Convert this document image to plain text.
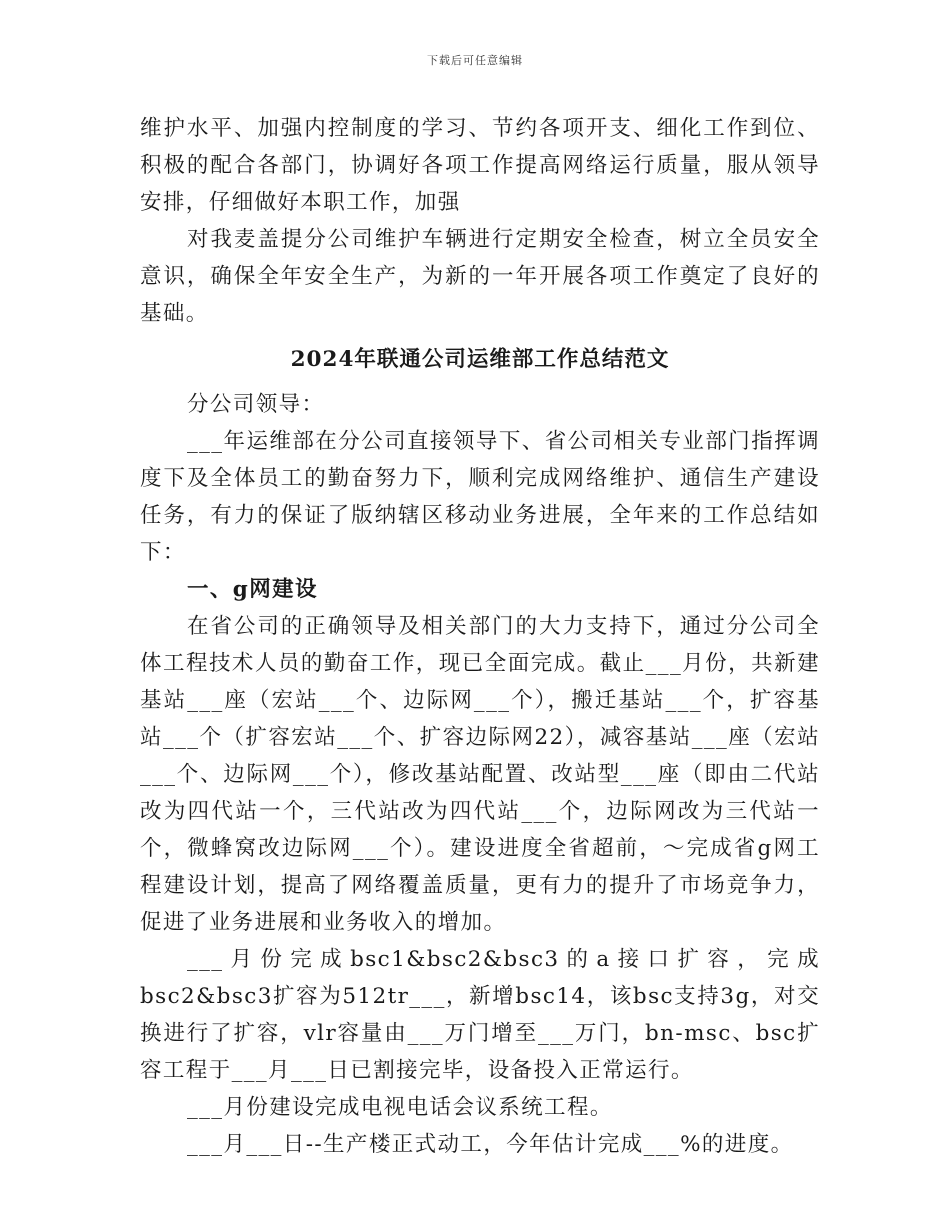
下载后可任意编辑

维护水平、加强内控制度的学习、节约各项开支、细化工作到位、积极的配合各部门，协调好各项工作提高网络运行质量，服从领导安排，仔细做好本职工作，加强

对我麦盖提分公司维护车辆进行定期安全检查，树立全员安全意识，确保全年安全生产，为新的一年开展各项工作奠定了良好的基础。

2024年联通公司运维部工作总结范文

分公司领导：

___年运维部在分公司直接领导下、省公司相关专业部门指挥调度下及全体员工的勤奋努力下，顺利完成网络维护、通信生产建设任务，有力的保证了版纳辖区移动业务进展，全年来的工作总结如下：

一、g网建设

在省公司的正确领导及相关部门的大力支持下，通过分公司全体工程技术人员的勤奋工作，现已全面完成。截止___月份，共新建基站___座（宏站___个、边际网___个），搬迁基站___个，扩容基站___个（扩容宏站___个、扩容边际网22），减容基站___座（宏站___个、边际网___个），修改基站配置、改站型___座（即由二代站改为四代站一个，三代站改为四代站___个，边际网改为三代站一个，微蜂窝改边际网___个）。建设进度全省超前，～完成省g网工程建设计划，提高了网络覆盖质量，更有力的提升了市场竞争力，促进了业务进展和业务收入的增加。

___月份完成bsc1&bsc2&bsc3的a接口扩容，完成bsc2&bsc3扩容为512tr___，新增bsc14，该bsc支持3g，对交换进行了扩容，vlr容量由___万门增至___万门，bn-msc、bsc扩容工程于___月___日已割接完毕，设备投入正常运行。

___月份建设完成电视电话会议系统工程。

___月___日--生产楼正式动工，今年估计完成___%的进度。
